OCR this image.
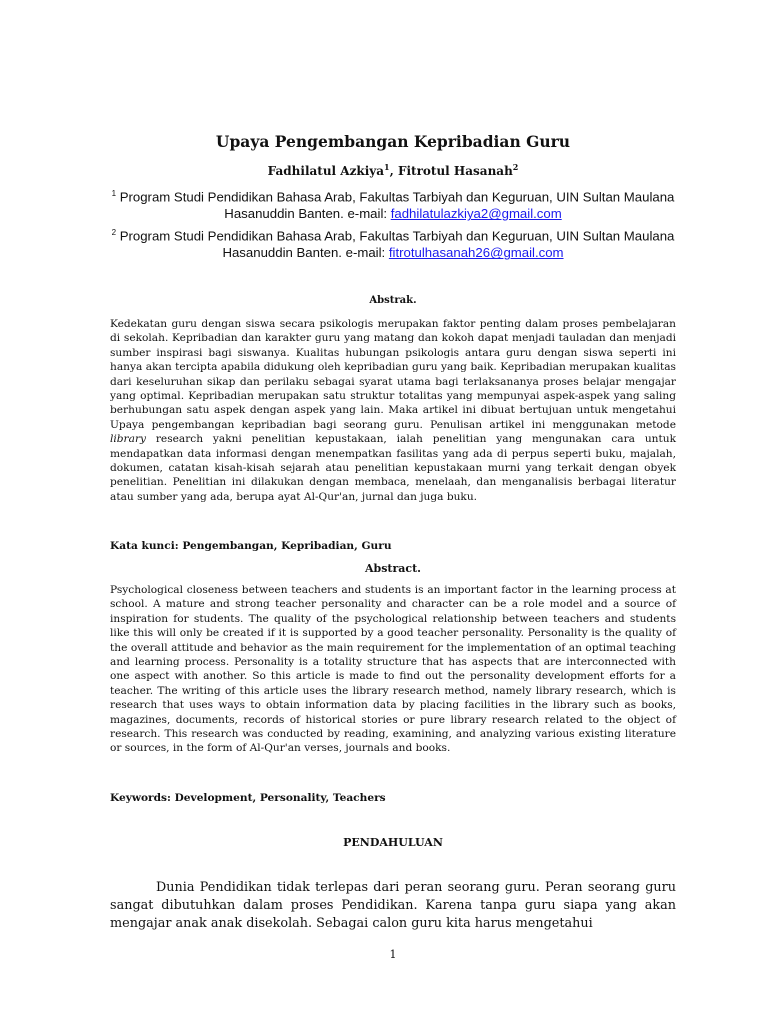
Upaya Pengembangan Kepribadian Guru
Fadhilatul Azkiya$^1$, Fitrotul Hasanah$^2$
$^1$ Program Studi Pendidikan Bahasa Arab, Fakultas Tarbiyah dan Keguruan, UIN Sultan Maulana Hasanuddin Banten. e-mail: fadhilatulazkiya2@gmail.com
$^2$ Program Studi Pendidikan Bahasa Arab, Fakultas Tarbiyah dan Keguruan, UIN Sultan Maulana Hasanuddin Banten. e-mail: fitrotulhasanah26@gmail.com
Abstrak.
Kedekatan guru dengan siswa secara psikologis merupakan faktor penting dalam proses pembelajaran di sekolah. Kepribadian dan karakter guru yang matang dan kokoh dapat menjadi tauladan dan menjadi sumber inspirasi bagi siswanya. Kualitas hubungan psikologis antara guru dengan siswa seperti ini hanya akan tercipta apabila didukung oleh kepribadian guru yang baik. Kepribadian merupakan kualitas dari keseluruhan sikap dan perilaku sebagai syarat utama bagi terlaksananya proses belajar mengajar yang optimal. Kepribadian merupakan satu struktur totalitas yang mempunyai aspek-aspek yang saling berhubungan satu aspek dengan aspek yang lain. Maka artikel ini dibuat bertujuan untuk mengetahui Upaya pengembangan kepribadian bagi seorang guru. Penulisan artikel ini menggunakan metode library research yakni penelitian kepustakaan, ialah penelitian yang mengunakan cara untuk mendapatkan data informasi dengan menempatkan fasilitas yang ada di perpus seperti buku, majalah, dokumen, catatan kisah-kisah sejarah atau penelitian kepustakaan murni yang terkait dengan obyek penelitian. Penelitian ini dilakukan dengan membaca, menelaah, dan menganalisis berbagai literatur atau sumber yang ada, berupa ayat Al-Qur'an, jurnal dan juga buku.
Kata kunci: Pengembangan, Kepribadian, Guru
Abstract.
Psychological closeness between teachers and students is an important factor in the learning process at school. A mature and strong teacher personality and character can be a role model and a source of inspiration for students. The quality of the psychological relationship between teachers and students like this will only be created if it is supported by a good teacher personality. Personality is the quality of the overall attitude and behavior as the main requirement for the implementation of an optimal teaching and learning process. Personality is a totality structure that has aspects that are interconnected with one aspect with another. So this article is made to find out the personality development efforts for a teacher. The writing of this article uses the library research method, namely library research, which is research that uses ways to obtain information data by placing facilities in the library such as books, magazines, documents, records of historical stories or pure library research related to the object of research. This research was conducted by reading, examining, and analyzing various existing literature or sources, in the form of Al-Qur'an verses, journals and books.
Keywords: Development, Personality, Teachers
PENDAHULUAN
Dunia Pendidikan tidak terlepas dari peran seorang guru. Peran seorang guru sangat dibutuhkan dalam proses Pendidikan. Karena tanpa guru siapa yang akan mengajar anak anak disekolah. Sebagai calon guru kita harus mengetahui
1
